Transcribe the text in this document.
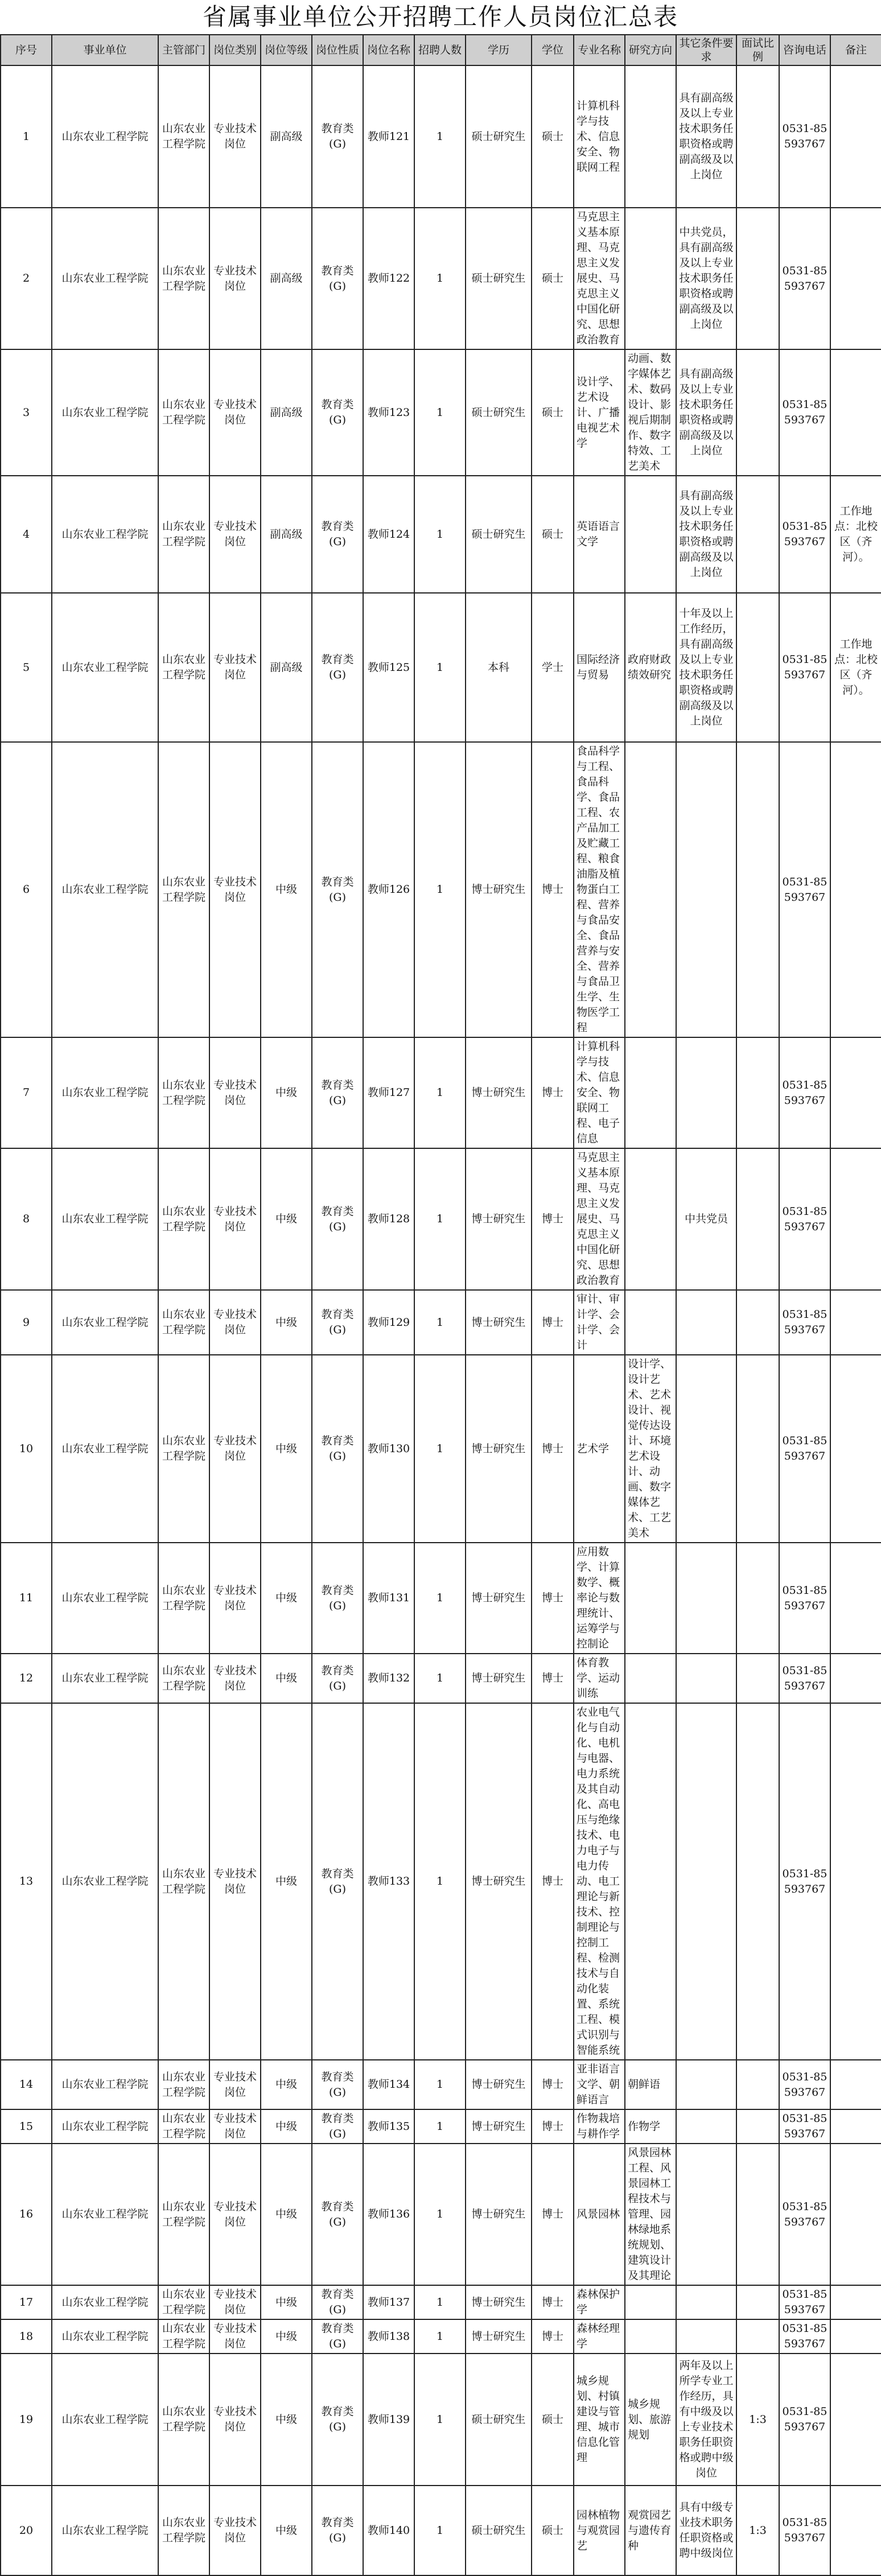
省属事业单位公开招聘工作人员岗位汇总表
序号	事业单位	主管部门	岗位类别	岗位等级	岗位性质	岗位名称	招聘人数	学历	学位	专业名称	研究方向	其它条件要求	面试比例	咨询电话	备注
1	山东农业工程学院	山东农业工程学院	专业技术岗位	副高级	教育类(G)	教师121	1	硕士研究生	硕士	计算机科学与技术、信息安全、物联网工程		具有副高级及以上专业技术职务任职资格或聘副高级及以上岗位		0531-85593767	
2	山东农业工程学院	山东农业工程学院	专业技术岗位	副高级	教育类(G)	教师122	1	硕士研究生	硕士	马克思主义基本原理、马克思主义发展史、马克思主义中国化研究、思想政治教育		中共党员，具有副高级及以上专业技术职务任职资格或聘副高级及以上岗位		0531-85593767	
3	山东农业工程学院	山东农业工程学院	专业技术岗位	副高级	教育类(G)	教师123	1	硕士研究生	硕士	设计学、艺术设计、广播电视艺术学	动画、数字媒体艺术、数码设计、影视后期制作、数字特效、工艺美术	具有副高级及以上专业技术职务任职资格或聘副高级及以上岗位		0531-85593767	
4	山东农业工程学院	山东农业工程学院	专业技术岗位	副高级	教育类(G)	教师124	1	硕士研究生	硕士	英语语言文学		具有副高级及以上专业技术职务任职资格或聘副高级及以上岗位		0531-85593767	工作地点：北校区（齐河）。
5	山东农业工程学院	山东农业工程学院	专业技术岗位	副高级	教育类(G)	教师125	1	本科	学士	国际经济与贸易	政府财政绩效研究	十年及以上工作经历，具有副高级及以上专业技术职务任职资格或聘副高级及以上岗位		0531-85593767	工作地点：北校区（齐河）。
6	山东农业工程学院	山东农业工程学院	专业技术岗位	中级	教育类(G)	教师126	1	博士研究生	博士	食品科学与工程、食品科学、食品工程、农产品加工及贮藏工程、粮食油脂及植物蛋白工程、营养与食品安全、食品营养与安全、营养与食品卫生学、生物医学工程				0531-85593767	
7	山东农业工程学院	山东农业工程学院	专业技术岗位	中级	教育类(G)	教师127	1	博士研究生	博士	计算机科学与技术、信息安全、物联网工程、电子信息				0531-85593767	
8	山东农业工程学院	山东农业工程学院	专业技术岗位	中级	教育类(G)	教师128	1	博士研究生	博士	马克思主义基本原理、马克思主义发展史、马克思主义中国化研究、思想政治教育		中共党员		0531-85593767	
9	山东农业工程学院	山东农业工程学院	专业技术岗位	中级	教育类(G)	教师129	1	博士研究生	博士	审计、审计学、会计学、会计				0531-85593767	
10	山东农业工程学院	山东农业工程学院	专业技术岗位	中级	教育类(G)	教师130	1	博士研究生	博士	艺术学	设计学、设计艺术、艺术设计、视觉传达设计、环境艺术设计、动画、数字媒体艺术、工艺美术			0531-85593767	
11	山东农业工程学院	山东农业工程学院	专业技术岗位	中级	教育类(G)	教师131	1	博士研究生	博士	应用数学、计算数学、概率论与数理统计、运筹学与控制论				0531-85593767	
12	山东农业工程学院	山东农业工程学院	专业技术岗位	中级	教育类(G)	教师132	1	博士研究生	博士	体育教学、运动训练				0531-85593767	
13	山东农业工程学院	山东农业工程学院	专业技术岗位	中级	教育类(G)	教师133	1	博士研究生	博士	农业电气化与自动化、电机与电器、电力系统及其自动化、高电压与绝缘技术、电力电子与电力传动、电工理论与新技术、控制理论与控制工程、检测技术与自动化装置、系统工程、模式识别与智能系统				0531-85593767	
14	山东农业工程学院	山东农业工程学院	专业技术岗位	中级	教育类(G)	教师134	1	博士研究生	博士	亚非语言文学、朝鲜语言	朝鲜语			0531-85593767	
15	山东农业工程学院	山东农业工程学院	专业技术岗位	中级	教育类(G)	教师135	1	博士研究生	博士	作物栽培与耕作学	作物学			0531-85593767	
16	山东农业工程学院	山东农业工程学院	专业技术岗位	中级	教育类(G)	教师136	1	博士研究生	博士	风景园林	风景园林工程、风景园林工程技术与管理、园林绿地系统规划、建筑设计及其理论			0531-85593767	
17	山东农业工程学院	山东农业工程学院	专业技术岗位	中级	教育类(G)	教师137	1	博士研究生	博士	森林保护学				0531-85593767	
18	山东农业工程学院	山东农业工程学院	专业技术岗位	中级	教育类(G)	教师138	1	博士研究生	博士	森林经理学				0531-85593767	
19	山东农业工程学院	山东农业工程学院	专业技术岗位	中级	教育类(G)	教师139	1	硕士研究生	硕士	城乡规划、村镇建设与管理、城市信息化管理	城乡规划、旅游规划	两年及以上所学专业工作经历，具有中级及以上专业技术职务任职资格或聘中级岗位	1:3	0531-85593767	
20	山东农业工程学院	山东农业工程学院	专业技术岗位	中级	教育类(G)	教师140	1	硕士研究生	硕士	园林植物与观赏园艺	观赏园艺与遗传育种	具有中级专业技术职务任职资格或聘中级岗位	1:3	0531-85593767	
